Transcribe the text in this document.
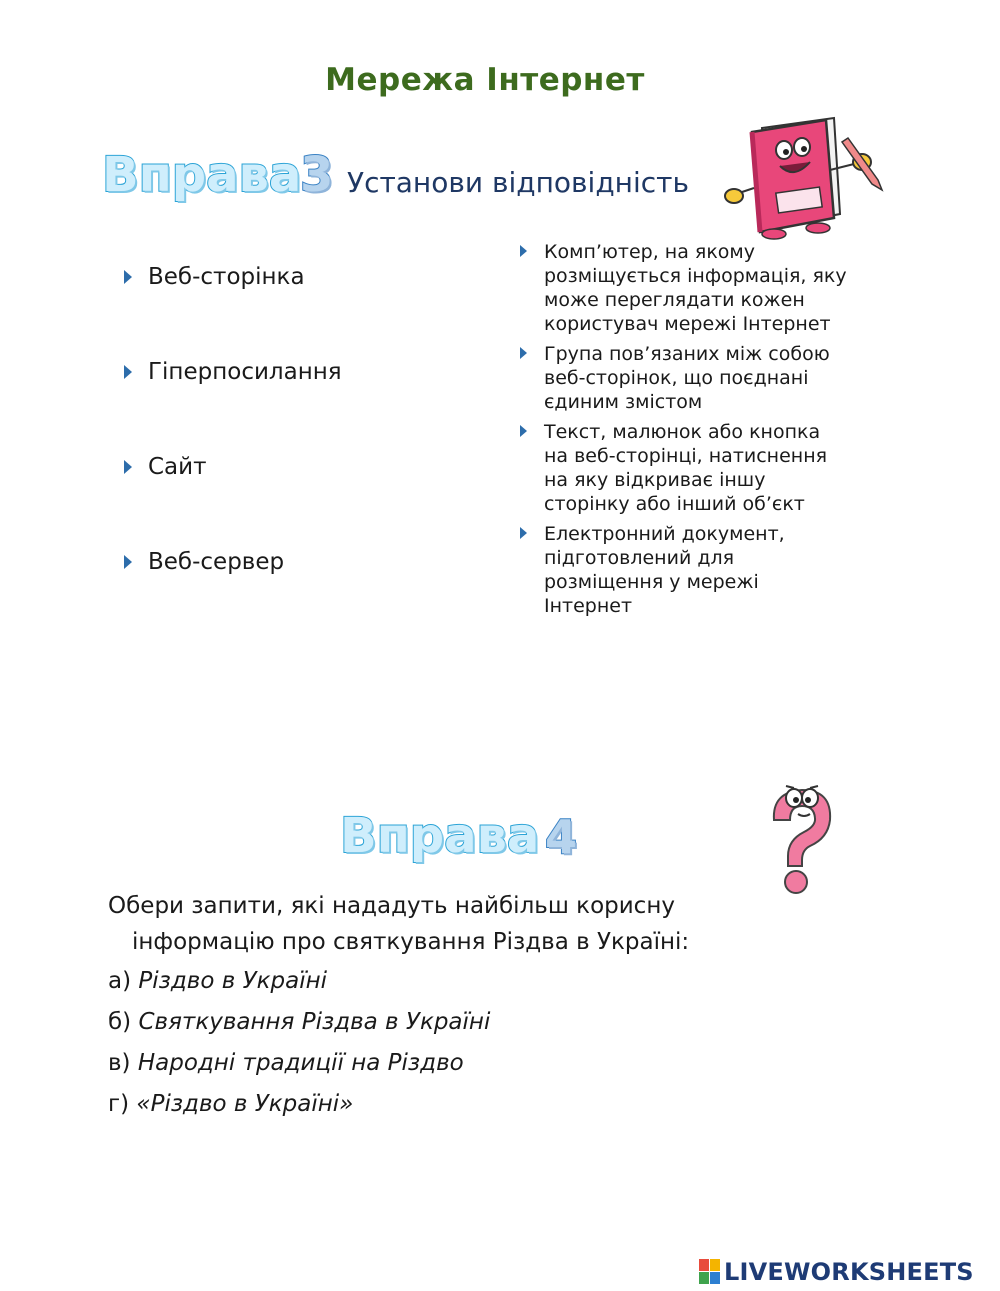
Мережа Інтернет
Вправа
3 Установи відповідність
Веб-сторінка
Гіперпосилання
Сайт
Веб-сервер
Комп’ютер, на якому розміщується інформація, яку може переглядати кожен користувач мережі Інтернет
Група пов’язаних між собою веб-сторінок, що поєднані єдиним змістом
Текст, малюнок або кнопка на веб-сторінці, натиснення на яку відкриває іншу сторінку або інший об’єкт
Електронний документ, підготовлений для розміщення у мережі Інтернет
Вправа 4
Обери запити, які нададуть найбільш корисну
інформацію про святкування Різдва в Україні:
а) Різдво в Україні
б) Святкування Різдва в Україні
в) Народні традиції на Різдво
г) «Різдво в Україні»
LIVEWORKSHEETS
